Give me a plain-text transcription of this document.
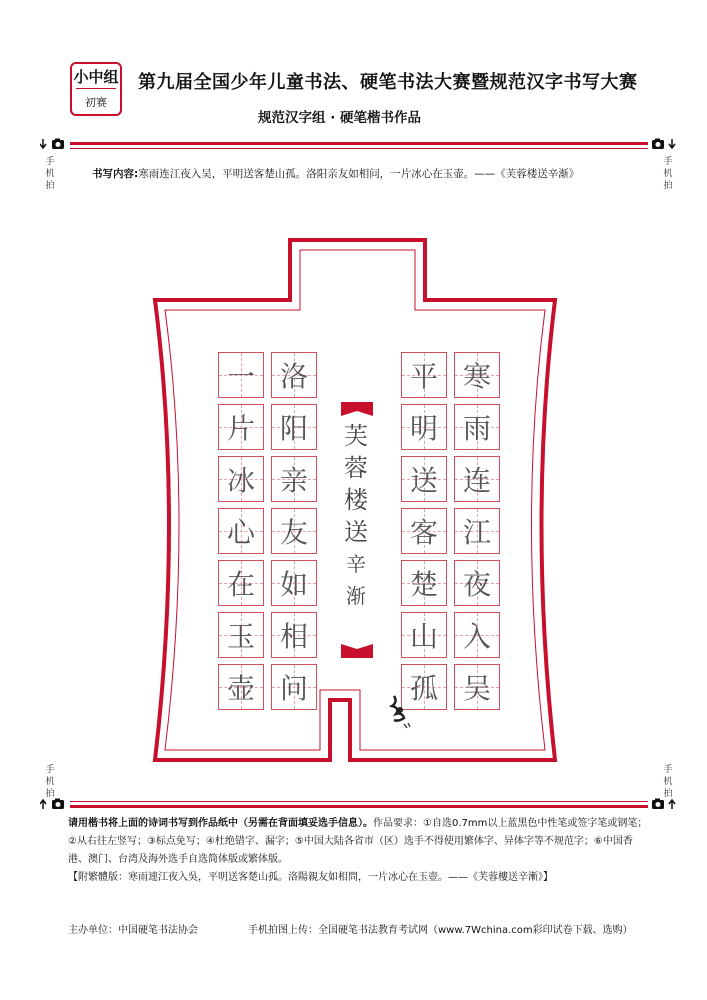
小中组
初赛
第九届全国少年儿童书法、硬笔书法大赛暨规范汉字书写大赛
规范汉字组 · 硬笔楷书作品
手
机
拍
手
机
拍
书写内容:寒雨连江夜入吴，平明送客楚山孤。洛阳亲友如相问，一片冰心在玉壶。——《芙蓉楼送辛渐》
芙
蓉
楼
送
辛
渐
寒
雨
连
江
夜
入
吴
平
明
送
客
楚
山
孤
洛
阳
亲
友
如
相
问
一
片
冰
心
在
玉
壶
手
机
拍
手
机
拍
请用楷书将上面的诗词书写到作品纸中（另需在背面填妥选手信息）。作品要求：①自选0.7mm以上蓝黑色中性笔或签字笔或钢笔；②从右往左竖写；③标点免写；④杜绝错字、漏字；⑤中国大陆各省市（区）选手不得使用繁体字、异体字等不规范字；⑥中国香港、澳门、台湾及海外选手自选简体版或繁体版。
【附繁體版：寒雨連江夜入吳，平明送客楚山孤。洛陽親友如相問，一片冰心在玉壺。——《芙蓉樓送辛漸》】
主办单位：中国硬笔书法协会	手机拍图上传：全国硬笔书法教育考试网（www.7Wchina.com彩印试卷下载、选购）
